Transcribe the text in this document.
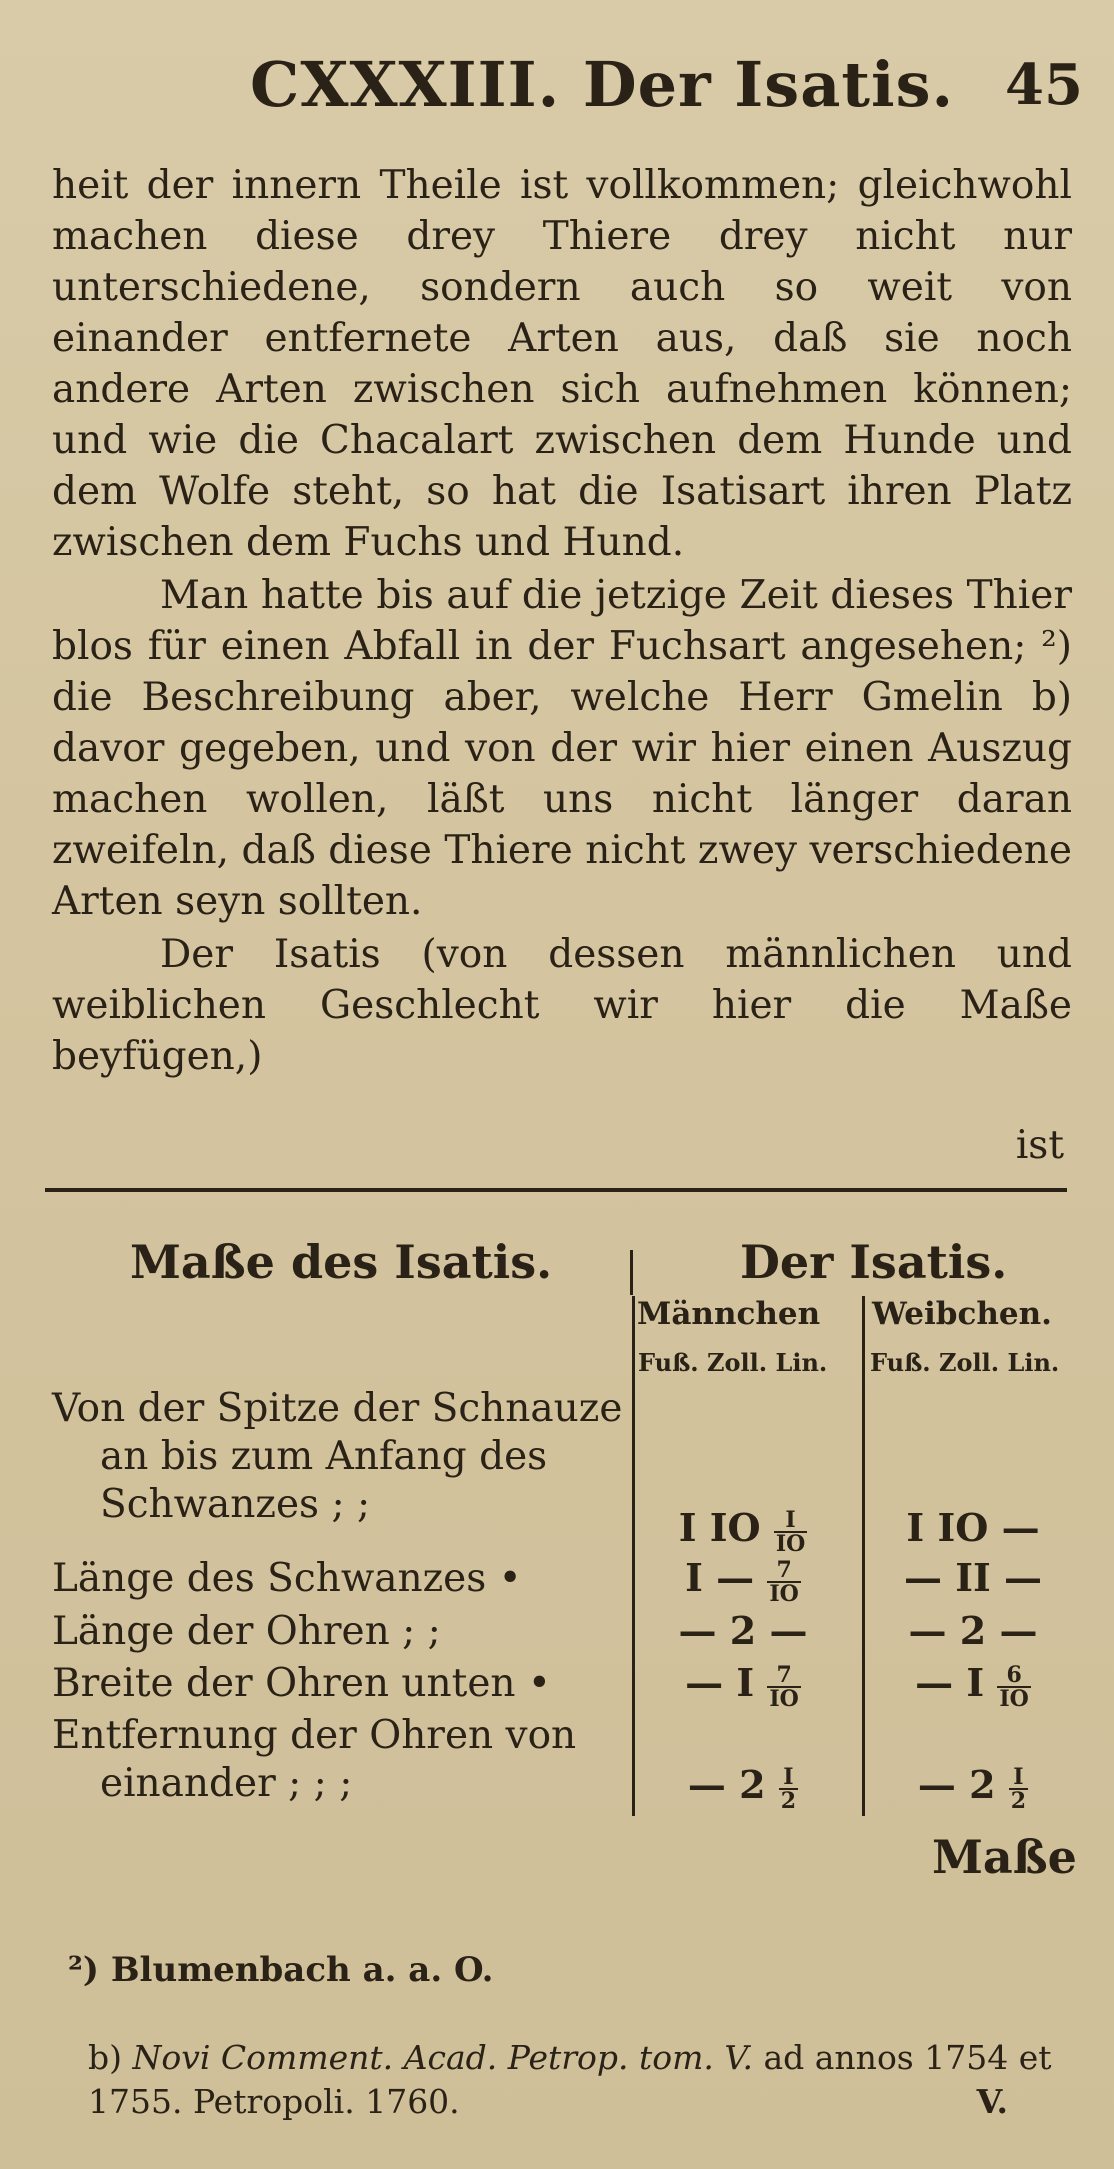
CXXXIII. Der Isatis. 45

heit der innern Theile ist vollkommen; gleichwohl machen diese drey Thiere drey nicht nur unterschiedene, sondern auch so weit von einander entfernete Arten aus, daß sie noch andere Arten zwischen sich aufnehmen können; und wie die Chacalart zwischen dem Hunde und dem Wolfe steht, so hat die Isatisart ihren Platz zwischen dem Fuchs und Hund.

Man hatte bis auf die jetzige Zeit dieses Thier blos für einen Abfall in der Fuchsart angesehen; ²) die Beschreibung aber, welche Herr Gmelin b) davor gegeben, und von der wir hier einen Auszug machen wollen, läßt uns nicht länger daran zweifeln, daß diese Thiere nicht zwey verschiedene Arten seyn sollten.

Der Isatis (von dessen männlichen und weiblichen Geschlecht wir hier die Maße beyfügen,)

ist
Maße des Isatis.	Der Isatis.
Männchen Weibchen.
Fuß. Zoll. Lin. Fuß. Zoll. Lin.
Von der Spitze der Schnauze
an bis zum Anfang des
Schwanzes ; ;
I IO $\frac{I}{IO}$	I IO —
Länge des Schwanzes •	I — $\frac{7}{IO}$	— II —
Länge der Ohren ; ;	— 2 —	— 2 —
Breite der Ohren unten •	— I $\frac{7}{IO}$	— I $\frac{6}{IO}$
Entfernung der Ohren von
einander ; ; ;	— $2 \frac{I}{2}$	— $2 \frac{I}{2}$
Maße
²) Blumenbach a. a. O.
b) Novi Comment. Acad. Petrop. tom. V. ad annos 1754 et 1755. Petropoli. 1760.	V.
